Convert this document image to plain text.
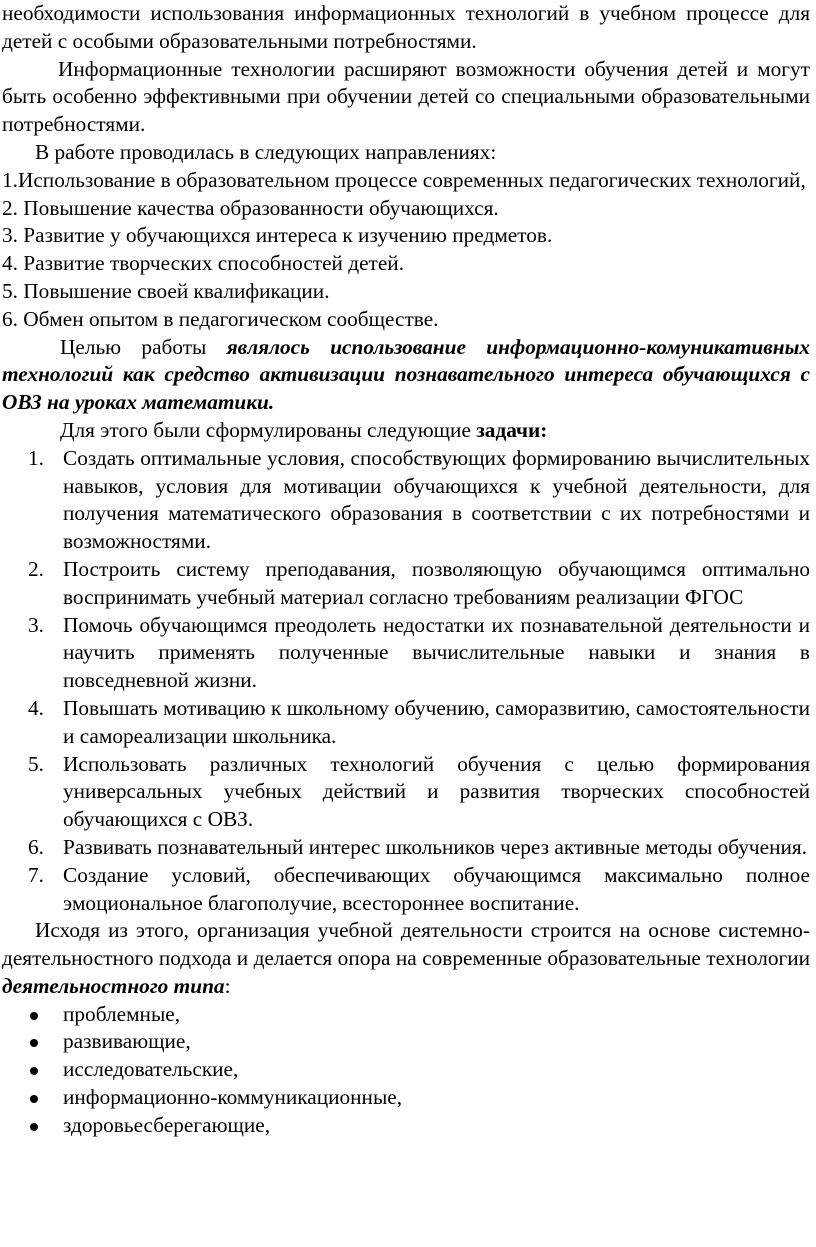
необходимости использования информационных технологий в учебном процессе для детей с особыми образовательными потребностями.

Информационные технологии расширяют возможности обучения детей и могут быть особенно эффективными при обучении детей со специальными образовательными потребностями.

В работе проводилась в следующих направлениях:

1.Использование в образовательном процессе современных педагогических технологий,

2. Повышение качества образованности обучающихся.

3. Развитие у обучающихся интереса к изучению предметов.

4. Развитие творческих способностей детей.

5. Повышение своей квалификации.

6. Обмен опытом в педагогическом сообществе.

Целью работы являлось использование информационно-комуникативных технологий как средство активизации познавательного интереса обучающихся с ОВЗ на уроках математики.

Для этого были сформулированы следующие задачи:

1. Создать оптимальные условия, способствующих формированию вычислительных навыков, условия для мотивации обучающихся к учебной деятельности, для получения математического образования в соответствии с их потребностями и возможностями.
2. Построить систему преподавания, позволяющую обучающимся оптимально воспринимать учебный материал согласно требованиям реализации ФГОС
3. Помочь обучающимся преодолеть недостатки их познавательной деятельности и научить применять полученные вычислительные навыки и знания в повседневной жизни.
4. Повышать мотивацию к школьному обучению, саморазвитию, самостоятельности и самореализации школьника.
5. Использовать различных технологий обучения с целью формирования универсальных учебных действий и развития творческих способностей обучающихся с ОВЗ.
6. Развивать познавательный интерес школьников через активные методы обучения.
7. Создание условий, обеспечивающих обучающимся максимально полное эмоциональное благополучие, всестороннее воспитание.

Исходя из этого, организация учебной деятельности строится на основе системно-деятельностного подхода и делается опора на современные образовательные технологии деятельностного типа:

проблемные,
развивающие,
исследовательские,
информационно-коммуникационные,
здоровьесберегающие,
